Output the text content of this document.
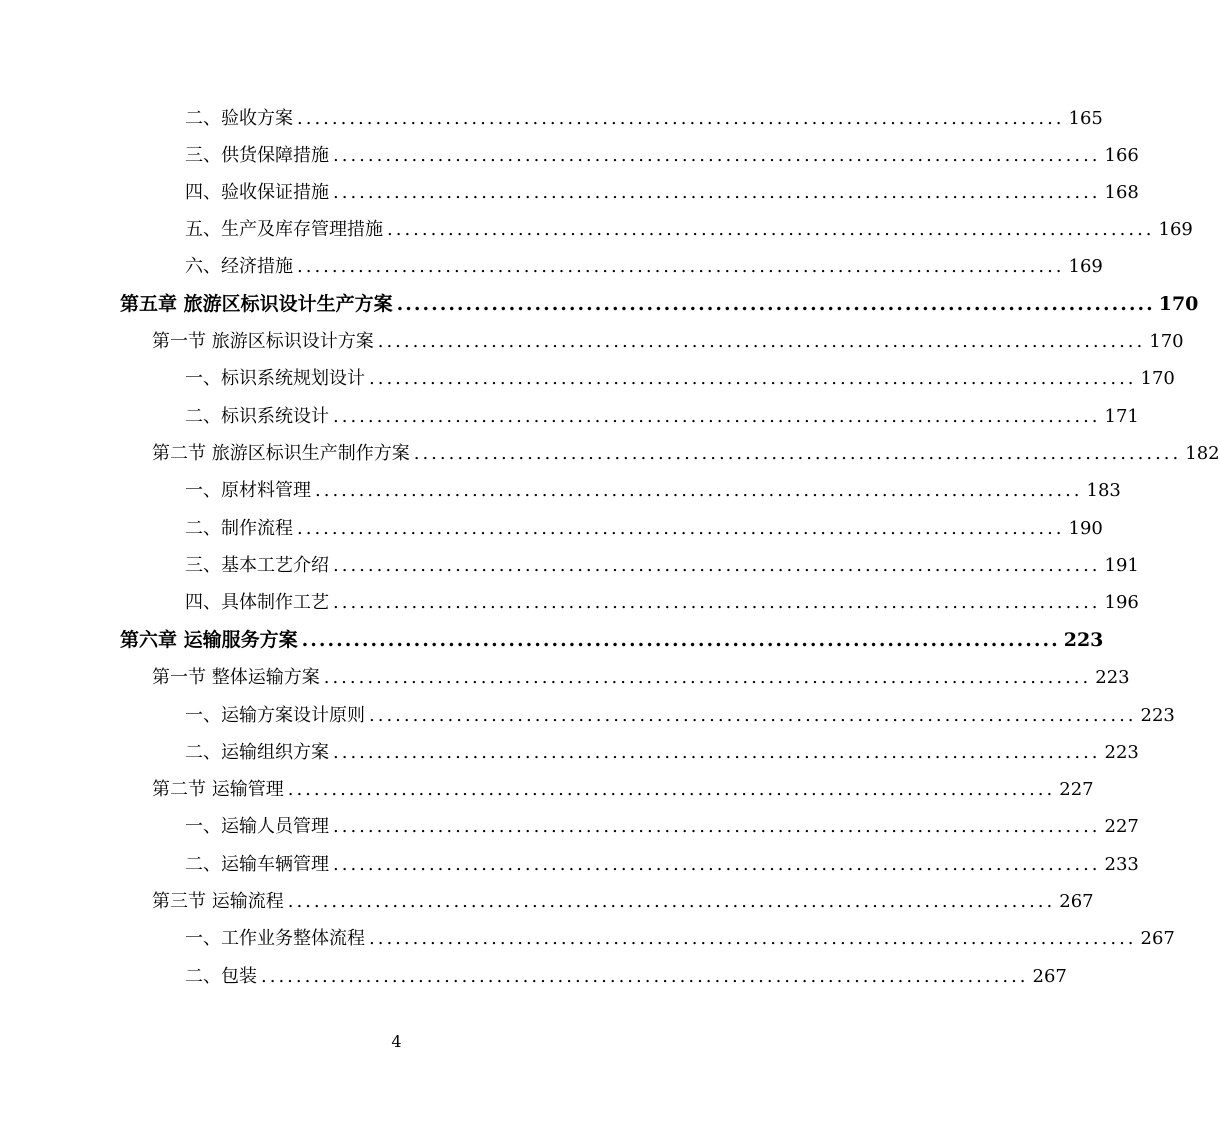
二、验收方案 ........................................................................................ 165
三、供货保障措施 ........................................................................................ 166
四、验收保证措施 ........................................................................................ 168
五、生产及库存管理措施 ........................................................................................ 169
六、经济措施 ........................................................................................ 169
第五章 旅游区标识设计生产方案 ........................................................................................ 170
第一节 旅游区标识设计方案 ........................................................................................ 170
一、标识系统规划设计 ........................................................................................ 170
二、标识系统设计 ........................................................................................ 171
第二节 旅游区标识生产制作方案 ........................................................................................ 182
一、原材料管理 ........................................................................................ 183
二、制作流程 ........................................................................................ 190
三、基本工艺介绍 ........................................................................................ 191
四、具体制作工艺 ........................................................................................ 196
第六章 运输服务方案 ........................................................................................ 223
第一节 整体运输方案 ........................................................................................ 223
一、运输方案设计原则 ........................................................................................ 223
二、运输组织方案 ........................................................................................ 223
第二节 运输管理 ........................................................................................ 227
一、运输人员管理 ........................................................................................ 227
二、运输车辆管理 ........................................................................................ 233
第三节 运输流程 ........................................................................................ 267
一、工作业务整体流程 ........................................................................................ 267
二、包装 ........................................................................................ 267
4
